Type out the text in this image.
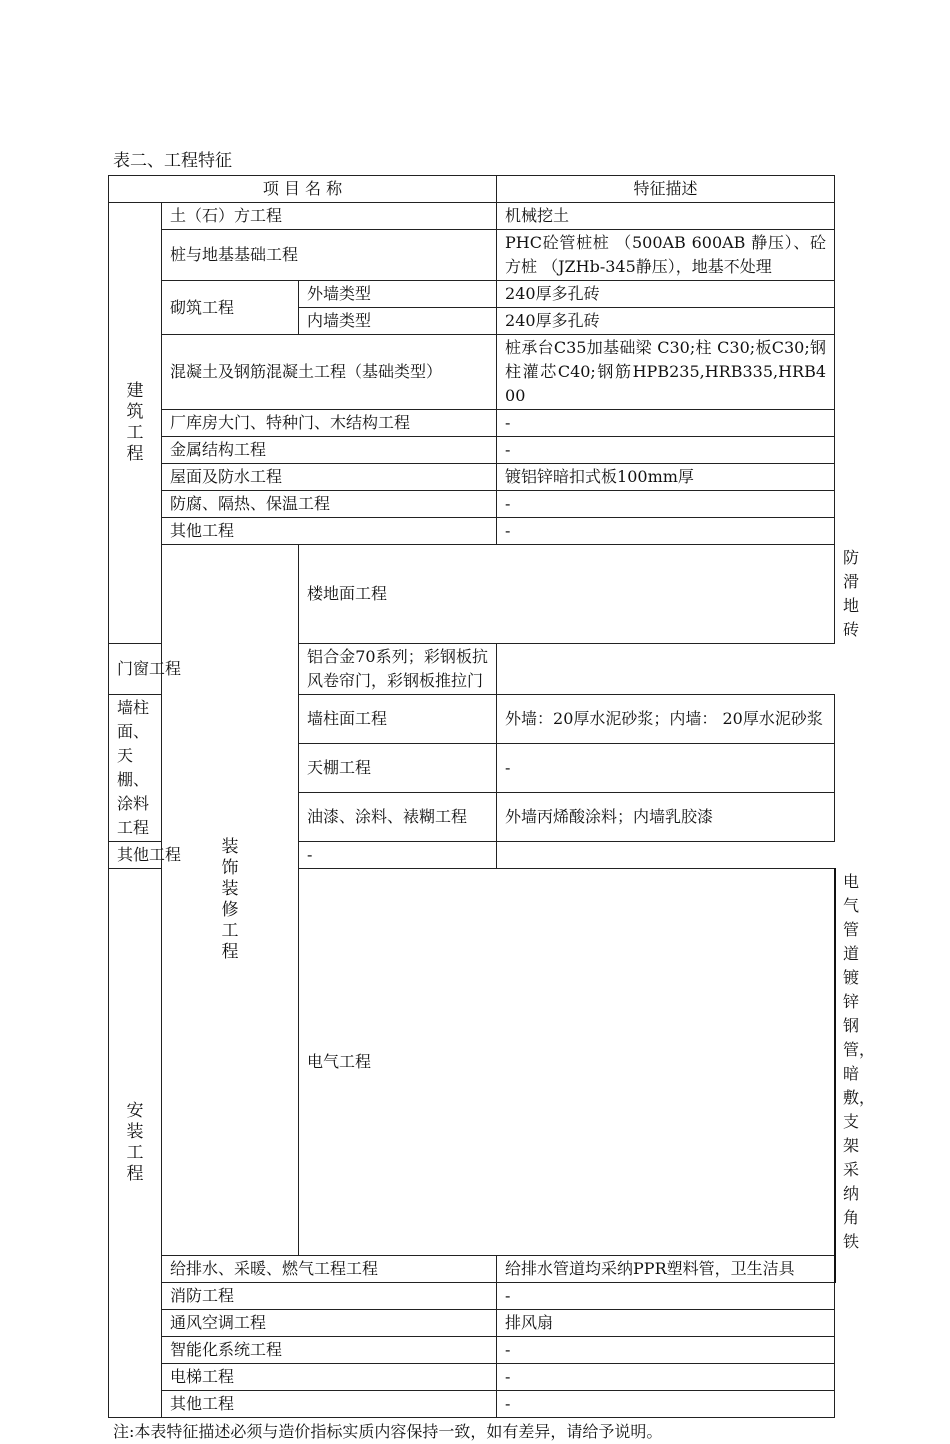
表二、工程特征

项 目 名 称			特征描述	
建筑工程	土（石）方工程		机械挖土	
	桩与地基基础工程		PHC砼管桩桩 （500AB 600AB 静压）、砼方桩 （JZHb-345静压），地基不处理	
	砌筑工程	外墙类型	240厚多孔砖	
		内墙类型	240厚多孔砖	
	混凝土及钢筋混凝土工程（基础类型）		桩承台C35加基础梁 C30;柱 C30;板C30;钢柱灌芯C40;钢筋HPB235,HRB335,HRB400	
	厂库房大门、特种门、木结构工程		-	
	金属结构工程		-	
	屋面及防水工程		镀铝锌暗扣式板100mm厚	
	防腐、隔热、保温工程		-	
	其他工程		-	
	装饰装修工程	楼地面工程		防滑地砖
门窗工程		铝合金70系列；彩钢板抗风卷帘门，彩钢板推拉门		
墙柱面、天棚、涂料工程		墙柱面工程	外墙：20厚水泥砂浆；内墙： 20厚水泥砂浆	
		天棚工程	-	
		油漆、涂料、裱糊工程	外墙丙烯酸涂料；内墙乳胶漆	
其他工程		-		
安装工程		电气工程		电气管道镀锌钢管，暗敷，支架采纳角铁
	给排水、采暖、燃气工程工程		给排水管道均采纳PPR塑料管，卫生洁具	
	消防工程		-	
	通风空调工程		排风扇	
	智能化系统工程		-	
	电梯工程		-	
	其他工程		-	

注:本表特征描述必须与造价指标实质内容保持一致，如有差异，请给予说明。
